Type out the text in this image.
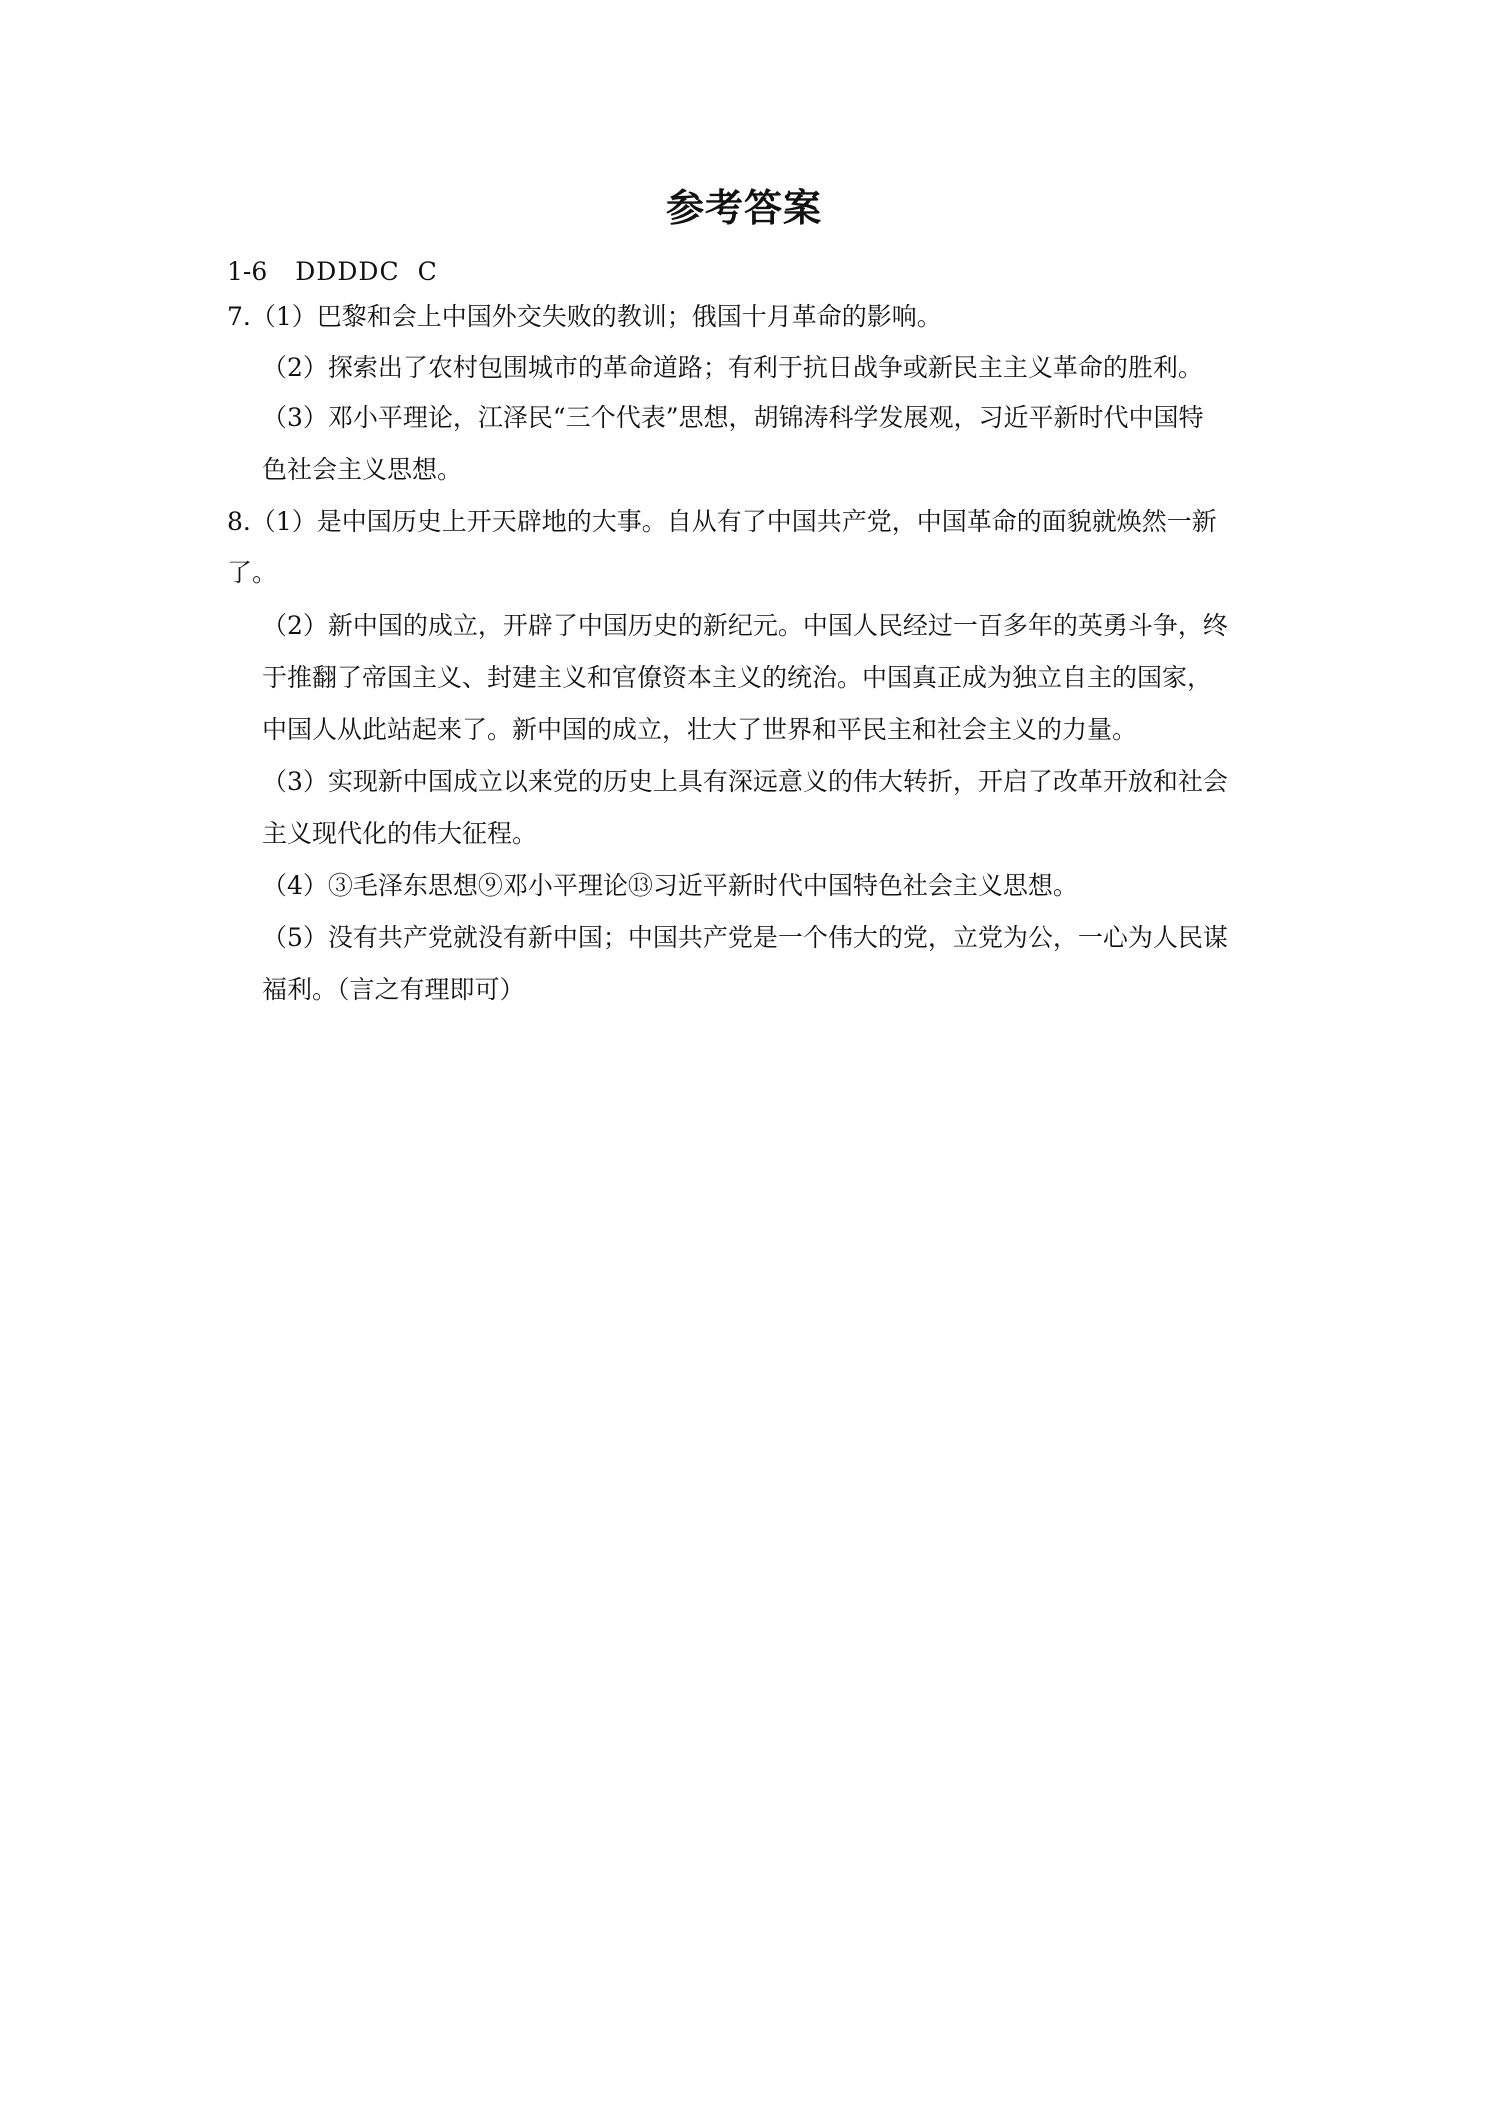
参考答案
1-6 DDDDC C
7.（1）巴黎和会上中国外交失败的教训；俄国十月革命的影响。
（2）探索出了农村包围城市的革命道路；有利于抗日战争或新民主主义革命的胜利。
（3）邓小平理论，江泽民“三个代表”思想，胡锦涛科学发展观，习近平新时代中国特
色社会主义思想。
8.（1）是中国历史上开天辟地的大事。自从有了中国共产党，中国革命的面貌就焕然一新
了。
（2）新中国的成立，开辟了中国历史的新纪元。中国人民经过一百多年的英勇斗争，终
于推翻了帝国主义、封建主义和官僚资本主义的统治。中国真正成为独立自主的国家，
中国人从此站起来了。新中国的成立，壮大了世界和平民主和社会主义的力量。
（3）实现新中国成立以来党的历史上具有深远意义的伟大转折，开启了改革开放和社会
主义现代化的伟大征程。
（4）③毛泽东思想⑨邓小平理论⑬习近平新时代中国特色社会主义思想。
（5）没有共产党就没有新中国；中国共产党是一个伟大的党，立党为公，一心为人民谋
福利。（言之有理即可）
